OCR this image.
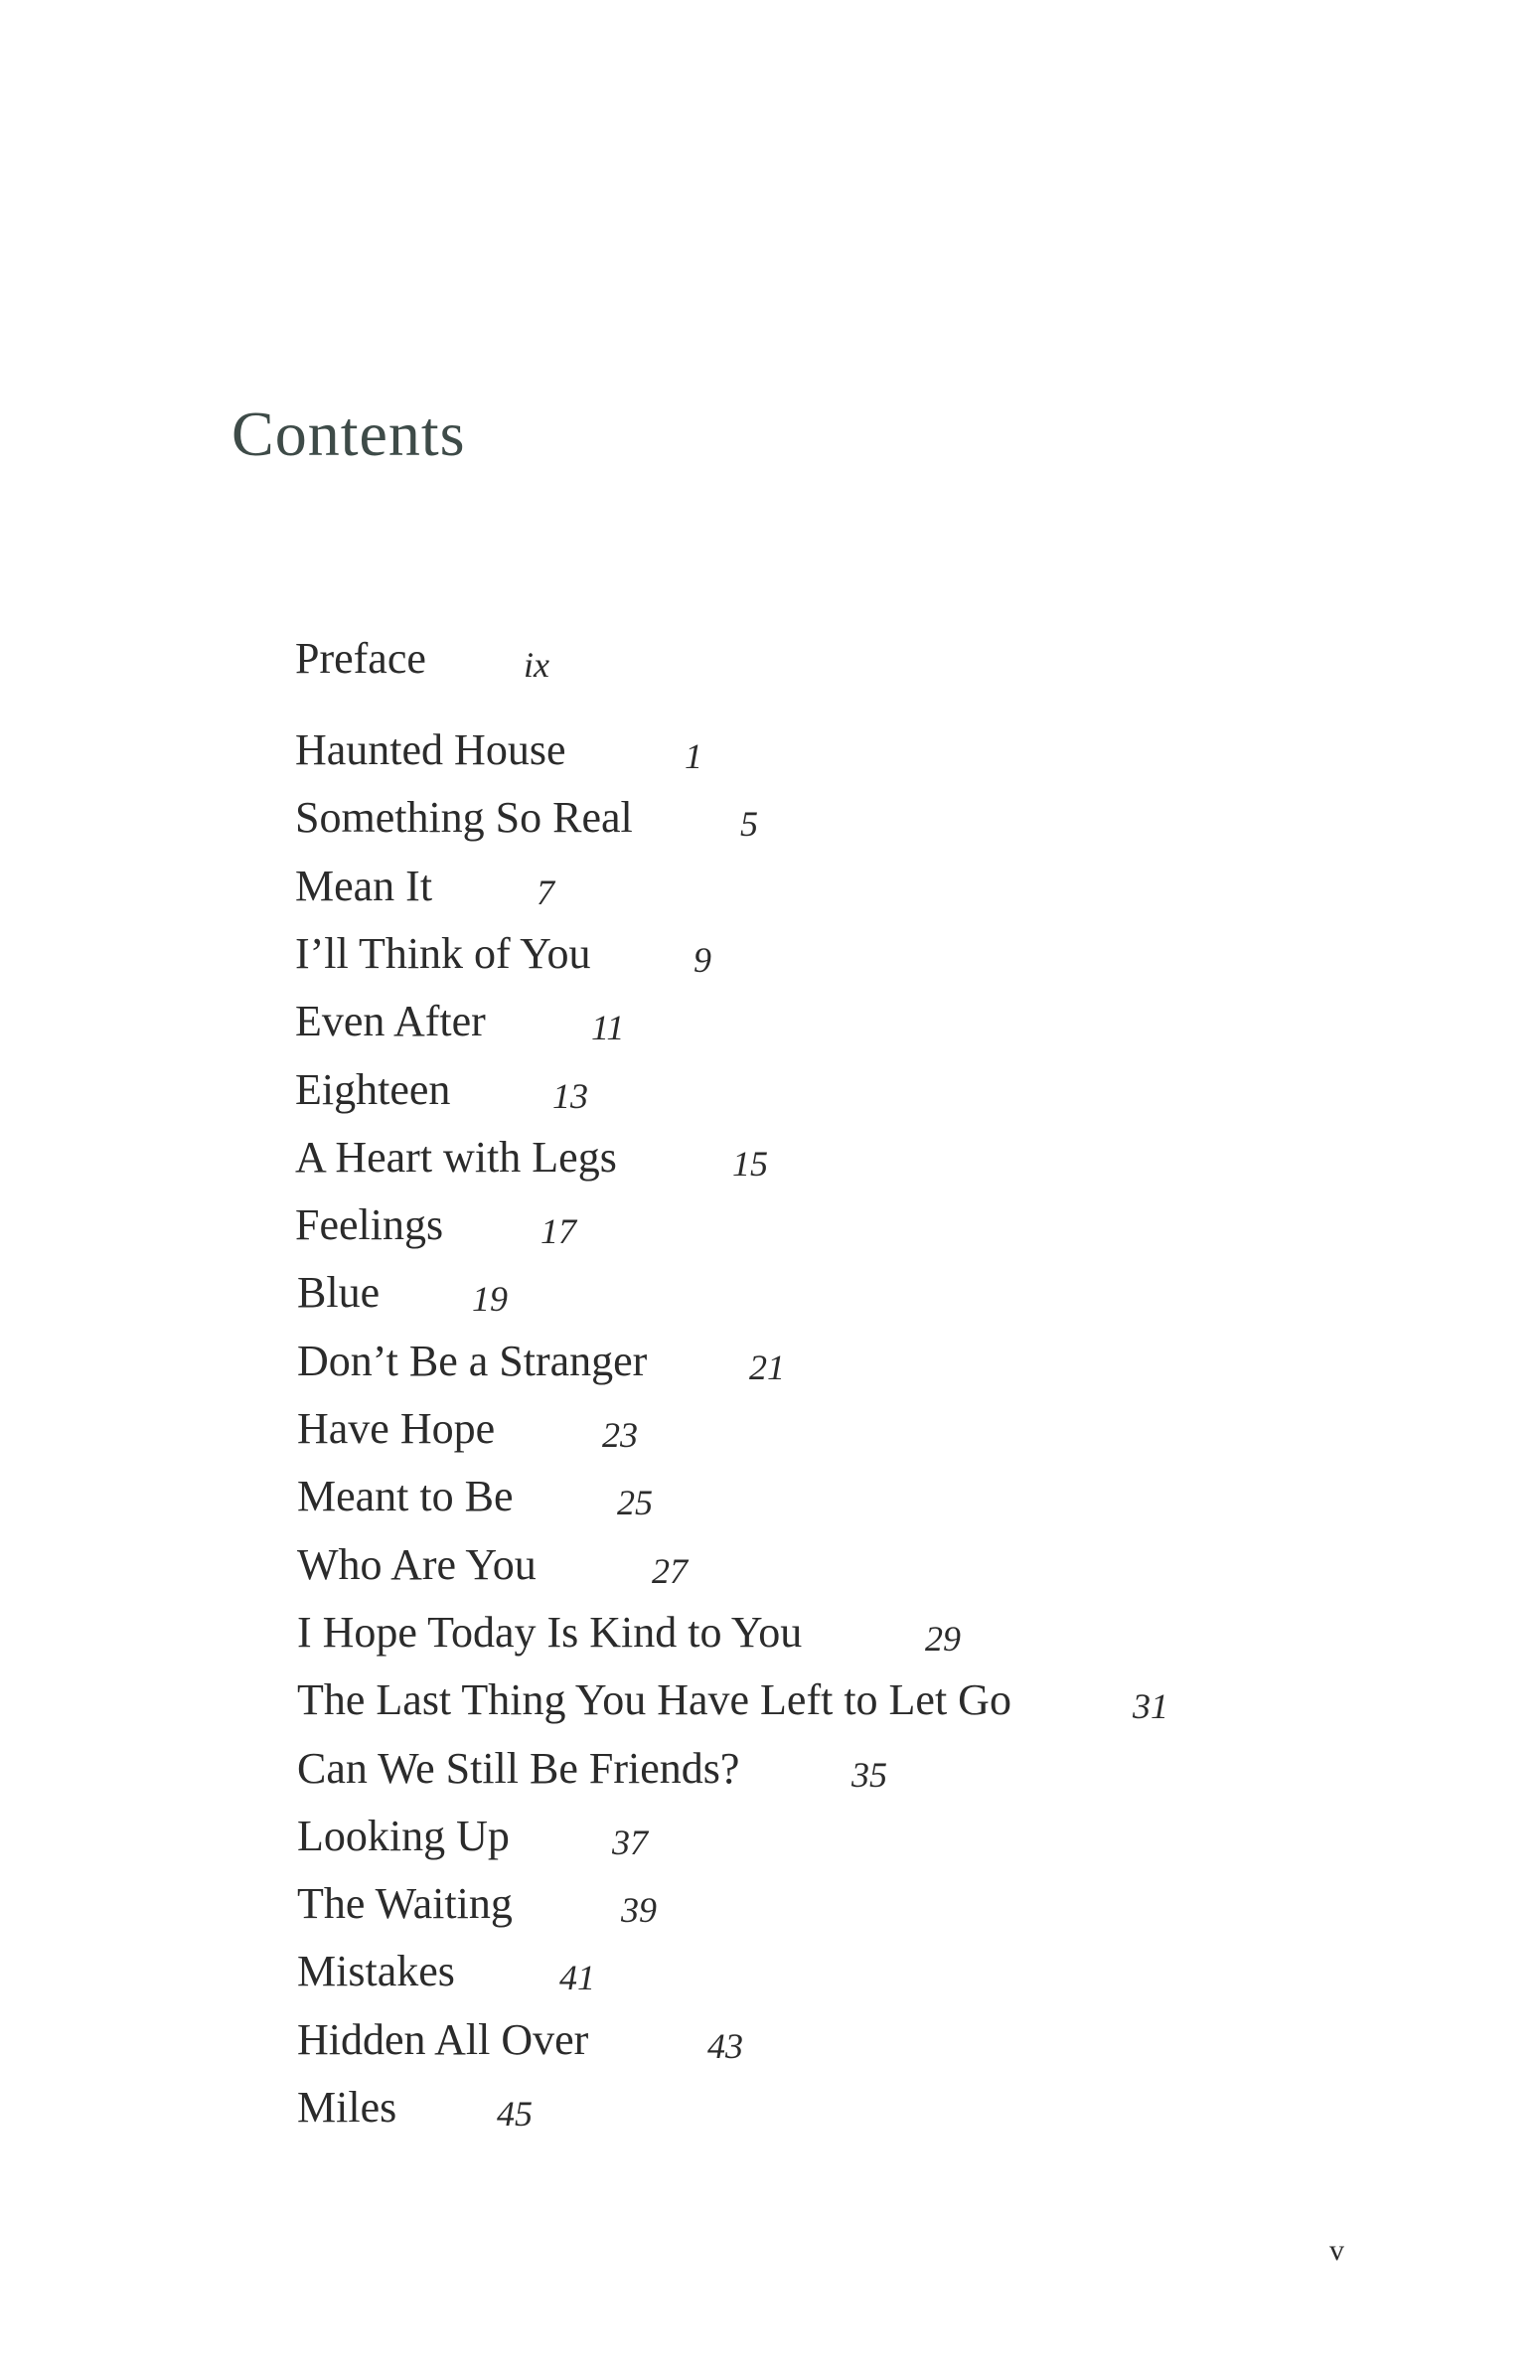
Contents
Preface	ix
Haunted House	1
Something So Real	5
Mean It	7
I’ll Think of You	9
Even After	11
Eighteen	13
A Heart with Legs	15
Feelings	17
Blue	19
Don’t Be a Stranger	21
Have Hope	23
Meant to Be	25
Who Are You	27
I Hope Today Is Kind to You	29
The Last Thing You Have Left to Let Go	31
Can We Still Be Friends?	35
Looking Up	37
The Waiting	39
Mistakes	41
Hidden All Over	43
Miles	45
v
